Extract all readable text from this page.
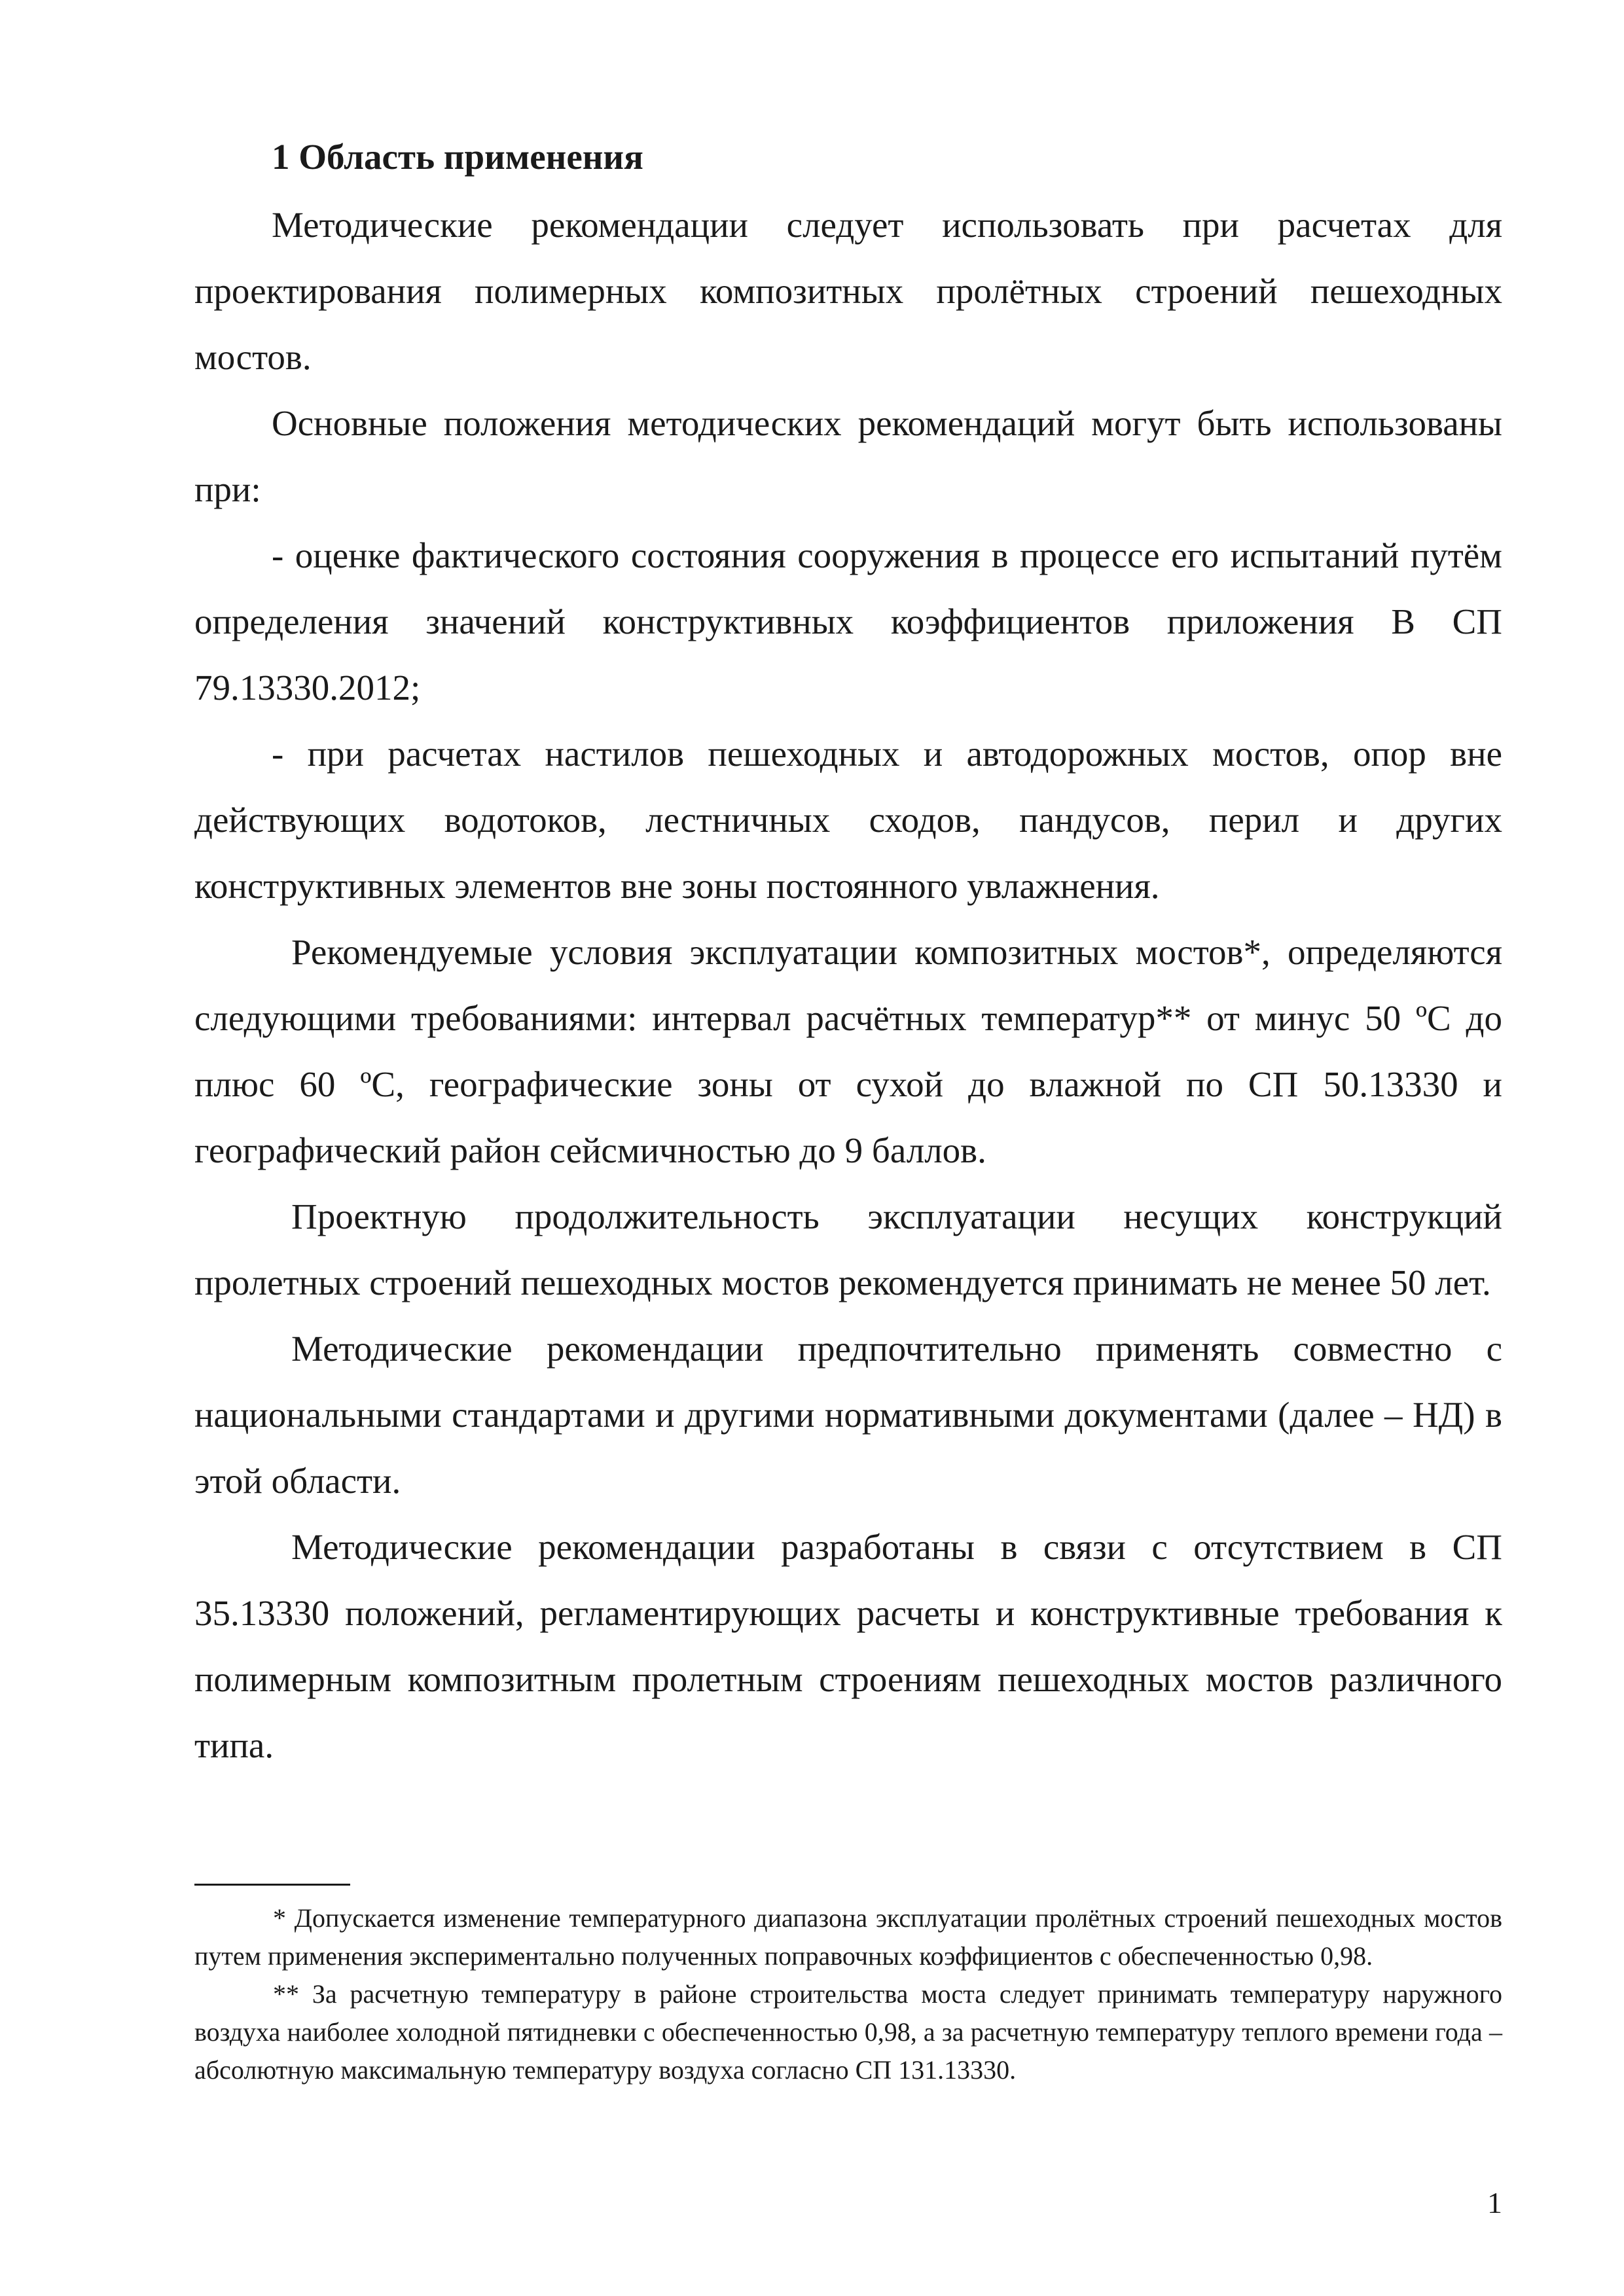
1 Область применения

Методические рекомендации следует использовать при расчетах для проектирования полимерных композитных пролётных строений пешеходных мостов.

Основные положения методических рекомендаций могут быть использованы при:

- оценке фактического состояния сооружения в процессе его испытаний путём определения значений конструктивных коэффициентов приложения В СП 79.13330.2012;

- при расчетах настилов пешеходных и автодорожных мостов, опор вне действующих водотоков, лестничных сходов, пандусов, перил и других конструктивных элементов вне зоны постоянного увлажнения.

Рекомендуемые условия эксплуатации композитных мостов*, определяются следующими требованиями: интервал расчётных температур** от минус 50 ºС до плюс 60 ºС, географические зоны от сухой до влажной по СП 50.13330 и географический район сейсмичностью до 9 баллов.

Проектную продолжительность эксплуатации несущих конструкций пролетных строений пешеходных мостов рекомендуется принимать не менее 50 лет.

Методические рекомендации предпочтительно применять совместно с национальными стандартами и другими нормативными документами (далее – НД) в этой области.

Методические рекомендации разработаны в связи с отсутствием в СП 35.13330 положений, регламентирующих расчеты и конструктивные требования к полимерным композитным пролетным строениям пешеходных мостов различного типа.

* Допускается изменение температурного диапазона эксплуатации пролётных строений пешеходных мостов путем применения экспериментально полученных поправочных коэффициентов с обеспеченностью 0,98.

** За расчетную температуру в районе строительства моста следует принимать температуру наружного воздуха наиболее холодной пятидневки с обеспеченностью 0,98, а за расчетную температуру теплого времени года – абсолютную максимальную температуру воздуха согласно СП 131.13330.

1
